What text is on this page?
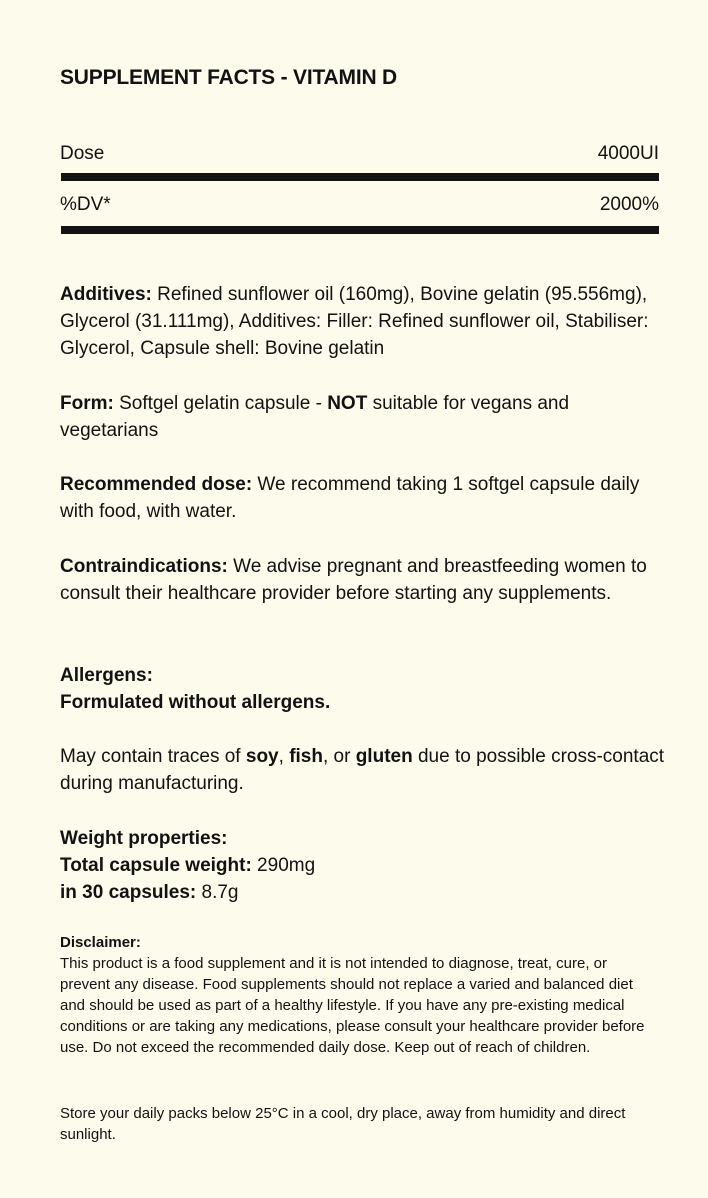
SUPPLEMENT FACTS - VITAMIN D
Dose	4000UI
%DV*	2000%
Additives: Refined sunflower oil (160mg), Bovine gelatin (95.556mg), Glycerol (31.111mg), Additives: Filler: Refined sunflower oil, Stabiliser: Glycerol, Capsule shell: Bovine gelatin
Form: Softgel gelatin capsule - NOT suitable for vegans and vegetarians
Recommended dose: We recommend taking 1 softgel capsule daily with food, with water.
Contraindications: We advise pregnant and breastfeeding women to consult their healthcare provider before starting any supplements.
Allergens:
Formulated without allergens.
May contain traces of soy, fish, or gluten due to possible cross-contact during manufacturing.
Weight properties:
Total capsule weight: 290mg
in 30 capsules: 8.7g
Disclaimer:
This product is a food supplement and it is not intended to diagnose, treat, cure, or prevent any disease. Food supplements should not replace a varied and balanced diet and should be used as part of a healthy lifestyle. If you have any pre-existing medical conditions or are taking any medications, please consult your healthcare provider before use. Do not exceed the recommended daily dose. Keep out of reach of children.
Store your daily packs below 25°C in a cool, dry place, away from humidity and direct sunlight.
